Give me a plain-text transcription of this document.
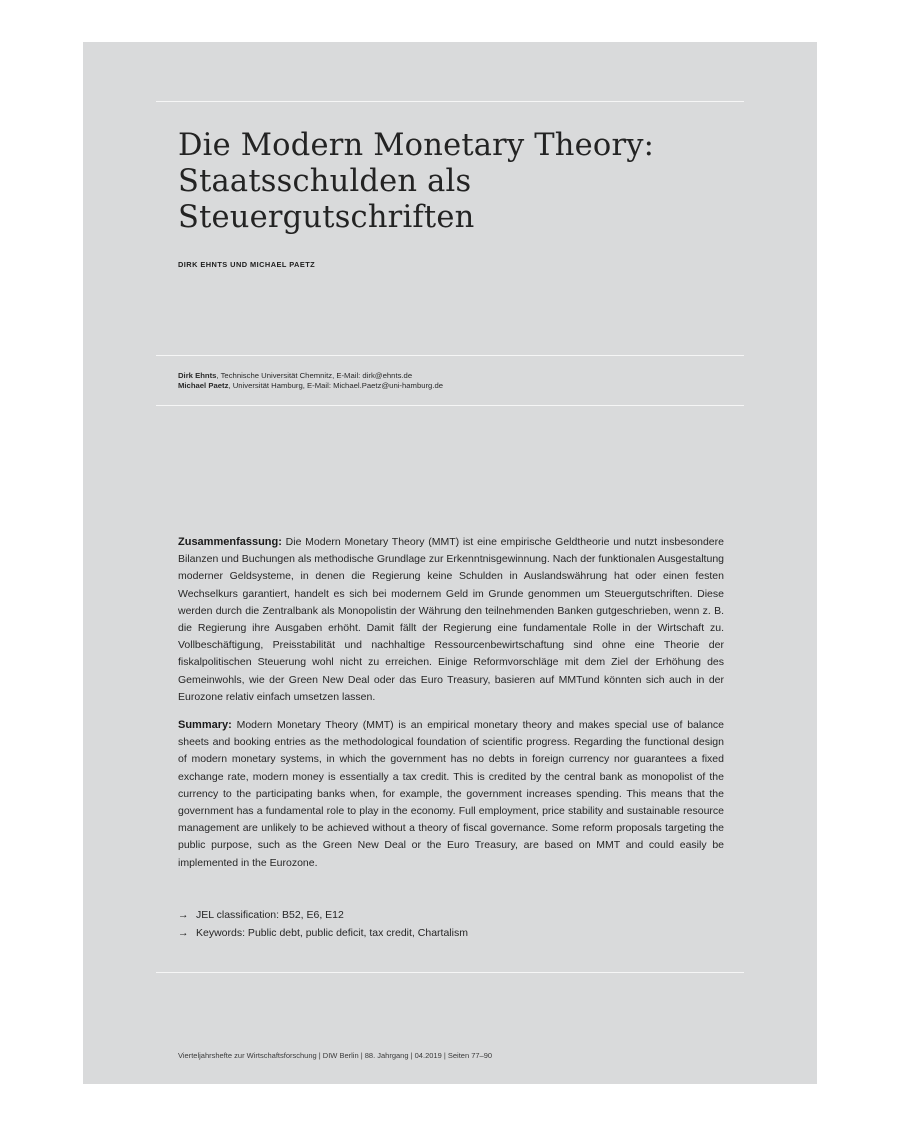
Die Modern Monetary Theory:
Staatsschulden als
Steuergutschriften
DIRK EHNTS UND MICHAEL PAETZ
Dirk Ehnts, Technische Universität Chemnitz, E-Mail: dirk@ehnts.de
Michael Paetz, Universität Hamburg, E-Mail: Michael.Paetz@uni-hamburg.de

Zusammenfassung: Die Modern Monetary Theory (MMT) ist eine empirische Geldtheorie und nutzt insbesondere Bilanzen und Buchungen als methodische Grundlage zur Erkenntnisgewinnung. Nach der funktionalen Ausgestaltung moderner Geldsysteme, in denen die Regierung keine Schulden in Auslandswährung hat oder einen festen Wechselkurs garantiert, handelt es sich bei modernem Geld im Grunde genommen um Steuergutschriften. Diese werden durch die Zentralbank als Monopolistin der Währung den teilnehmenden Banken gutgeschrieben, wenn z. B. die Regierung ihre Ausgaben erhöht. Damit fällt der Regierung eine fundamentale Rolle in der Wirtschaft zu. Vollbeschäftigung, Preisstabilität und nachhaltige Ressourcenbewirtschaftung sind ohne eine Theorie der fiskalpolitischen Steuerung wohl nicht zu erreichen. Einige Reformvorschläge mit dem Ziel der Erhöhung des Gemeinwohls, wie der Green New Deal oder das Euro Treasury, basieren auf MMTund könnten sich auch in der Eurozone relativ einfach umsetzen lassen.

Summary: Modern Monetary Theory (MMT) is an empirical monetary theory and makes special use of balance sheets and booking entries as the methodological foundation of scientific progress. Regarding the functional design of modern monetary systems, in which the government has no debts in foreign currency nor guarantees a fixed exchange rate, modern money is essentially a tax credit. This is credited by the central bank as monopolist of the currency to the participating banks when, for example, the government increases spending. This means that the government has a fundamental role to play in the economy. Full employment, price stability and sustainable resource management are unlikely to be achieved without a theory of fiscal governance. Some reform proposals targeting the public purpose, such as the Green New Deal or the Euro Treasury, are based on MMT and could easily be implemented in the Eurozone.

→ JEL classification: B52, E6, E12
→ Keywords: Public debt, public deficit, tax credit, Chartalism
Vierteljahrshefte zur Wirtschaftsforschung | DIW Berlin | 88. Jahrgang | 04.2019 | Seiten 77–90
